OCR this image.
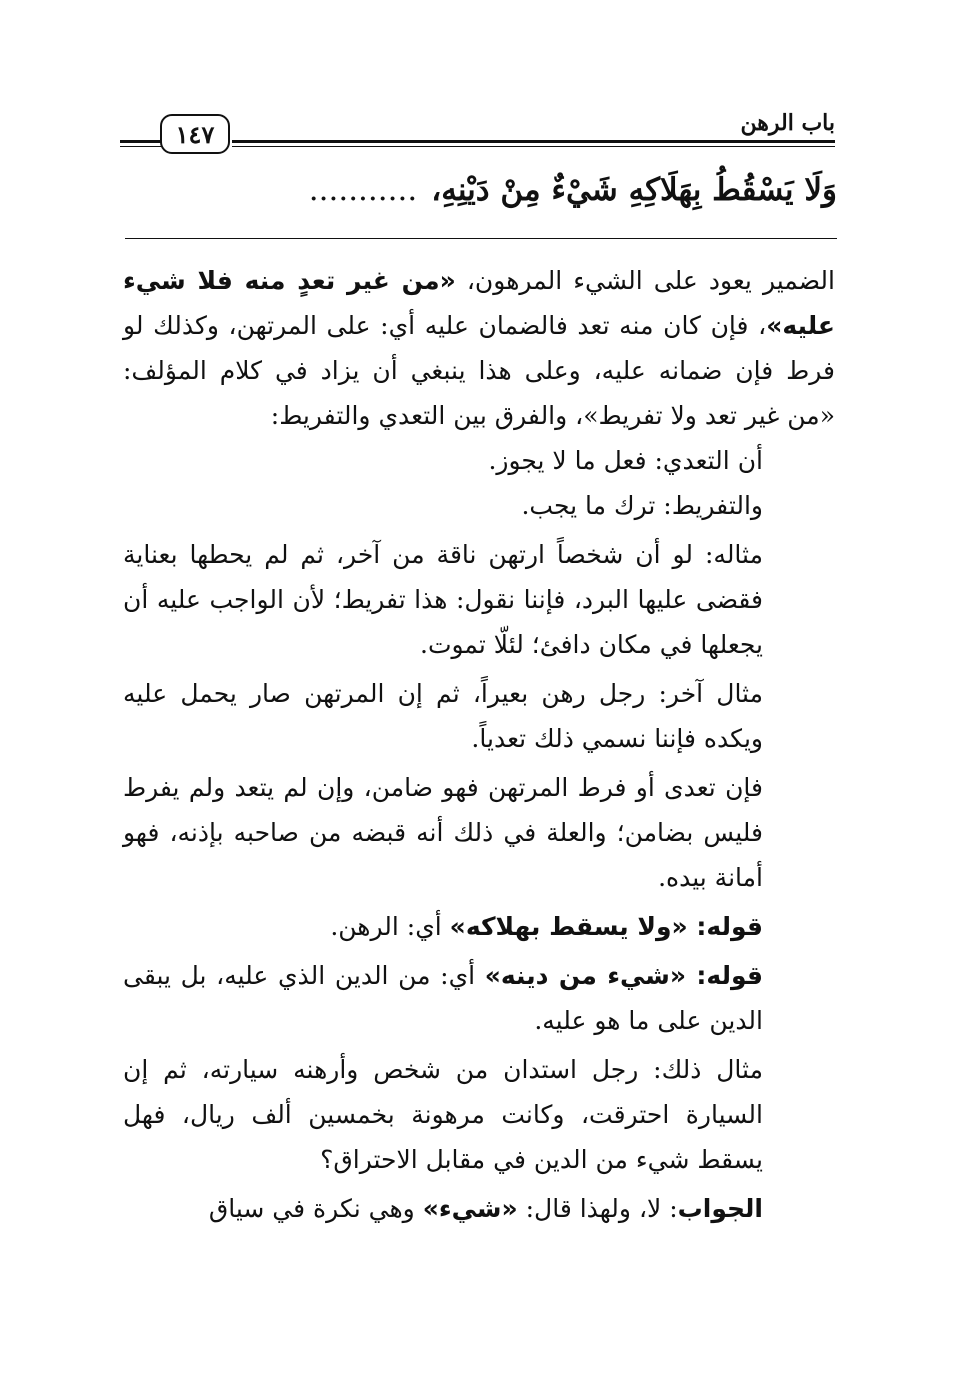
باب الرهن
١٤٧
وَلَا يَسْقُطُ بِهَلَاكِهِ شَيْءٌ مِنْ دَيْنِهِ،...........

الضمير يعود على الشيء المرهون، «من غير تعدٍ منه فلا شيء عليه»، فإن كان منه تعد فالضمان عليه أي: على المرتهن، وكذلك لو فرط فإن ضمانه عليه، وعلى هذا ينبغي أن يزاد في كلام المؤلف: «من غير تعد ولا تفريط»، والفرق بين التعدي والتفريط:

أن التعدي: فعل ما لا يجوز.

والتفريط: ترك ما يجب.

مثاله: لو أن شخصاً ارتهن ناقة من آخر، ثم لم يحطها بعناية فقضى عليها البرد، فإننا نقول: هذا تفريط؛ لأن الواجب عليه أن يجعلها في مكان دافئ؛ لئلّا تموت.

مثال آخر: رجل رهن بعيراً، ثم إن المرتهن صار يحمل عليه ويكده فإننا نسمي ذلك تعدياً.

فإن تعدى أو فرط المرتهن فهو ضامن، وإن لم يتعد ولم يفرط فليس بضامن؛ والعلة في ذلك أنه قبضه من صاحبه بإذنه، فهو أمانة بيده.

قوله: «ولا يسقط بهلاكه» أي: الرهن.

قوله: «شيء من دينه» أي: من الدين الذي عليه، بل يبقى الدين على ما هو عليه.

مثال ذلك: رجل استدان من شخص وأرهنه سيارته، ثم إن السيارة احترقت، وكانت مرهونة بخمسين ألف ريال، فهل يسقط شيء من الدين في مقابل الاحتراق؟

الجواب: لا، ولهذا قال: «شيء» وهي نكرة في سياق
